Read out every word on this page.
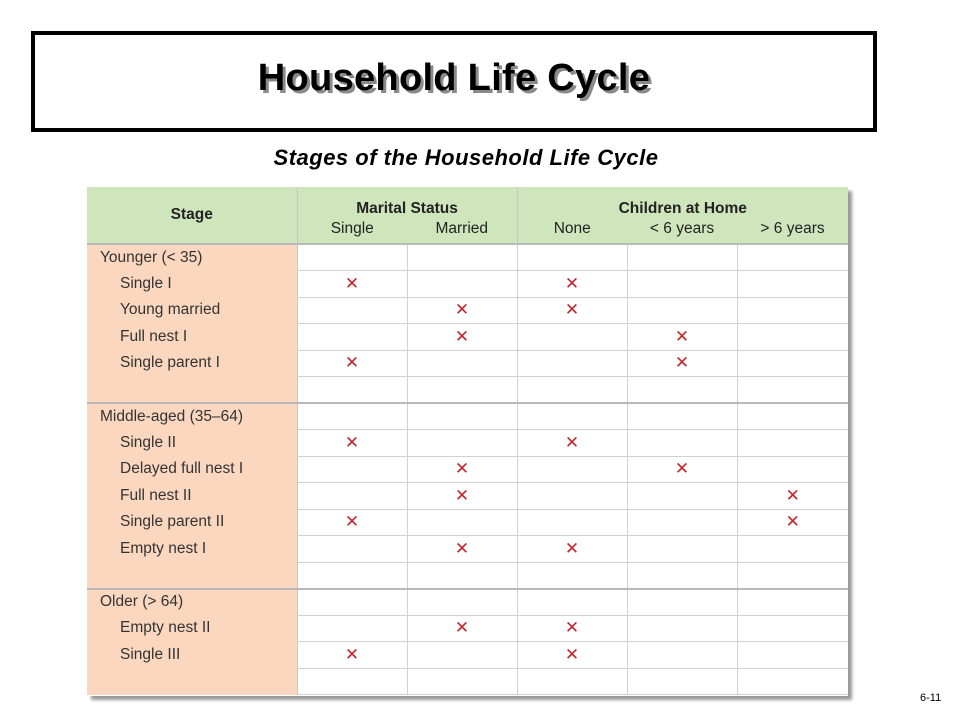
Household Life Cycle
Stages of the Household Life Cycle
Stage	Marital Status		Children at Home		
	Single	Married	None	< 6 years	> 6 years
Younger (< 35)					
Single I	✕		✕		
Young married		✕	✕		
Full nest I		✕		✕	
Single parent I	✕			✕	

Middle-aged (35–64)					
Single II	✕		✕		
Delayed full nest I		✕		✕	
Full nest II		✕			✕
Single parent II	✕				✕
Empty nest I		✕	✕		

Older (> 64)					
Empty nest II		✕	✕		
Single III	✕		✕		

6-11
